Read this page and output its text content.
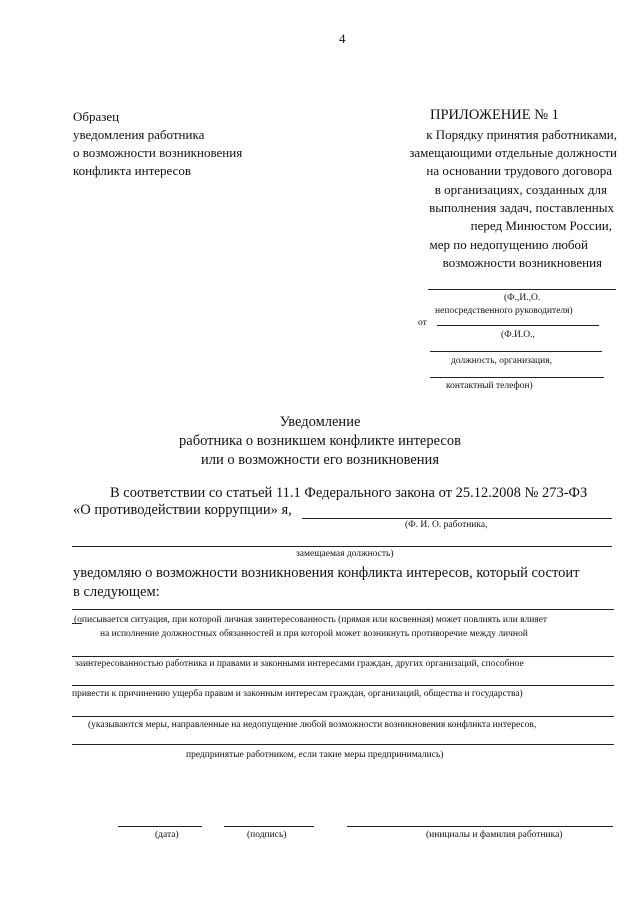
4
Образец
уведомления работника
о возможности возникновения
конфликта интересов
ПРИЛОЖЕНИЕ № 1
к Порядку принятия работниками,
замещающими отдельные должности
на основании трудового договора
в организациях, созданных для
выполнения задач, поставленных
перед Минюстом России,
мер по недопущению любой
возможности возникновения
(Ф.,И.,О.
непосредственного руководителя)
от
(Ф.И.О.,
должность, организация,
контактный телефон)
Уведомление
работника о возникшем конфликте интересов
или о возможности его возникновения
В соответствии со статьей 11.1 Федерального закона от 25.12.2008 № 273-ФЗ
«О противодействии коррупции» я,
(Ф. И. О. работника,
замещаемая должность)
уведомляю о возможности возникновения конфликта интересов, который состоит
в следующем:
(описывается ситуация, при которой личная заинтересованность (прямая или косвенная) может повлиять или влияет
на исполнение должностных обязанностей и при которой может возникнуть противоречие между личной
заинтересованностью работника и правами и законными интересами граждан, других организаций, способное
привести к причинению ущерба правам и законным интересам граждан, организаций, общества и государства)
(указываются меры, направленные на недопущение любой возможности возникновения конфликта интересов,
предпринятые работником, если такие меры предпринимались)
(дата)	(подпись)	(инициалы и фамилия работника)
